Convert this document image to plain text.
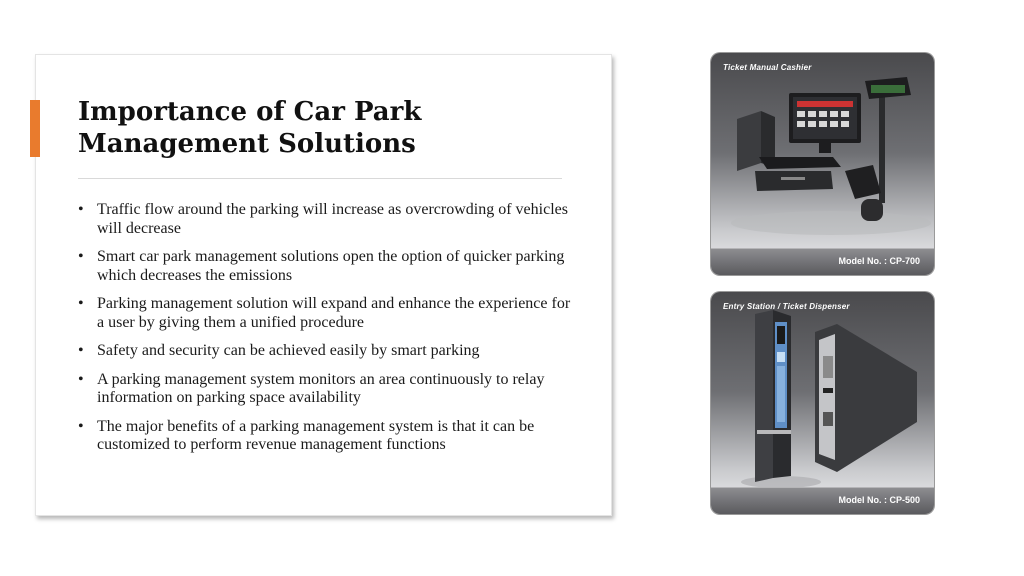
Importance of Car Park Management Solutions
• Traffic flow around the parking will increase as overcrowding of vehicles will decrease
• Smart car park management solutions open the option of quicker parking which decreases the emissions
• Parking management solution will expand and enhance the experience for a user by giving them a unified procedure
• Safety and security can be achieved easily by smart parking
• A parking management system monitors an area continuously to relay information on parking space availability
• The major benefits of a parking management system is that it can be customized to perform revenue management functions
Ticket Manual Cashier
Model No. : CP-700
Entry Station / Ticket Dispenser
Model No. : CP-500
